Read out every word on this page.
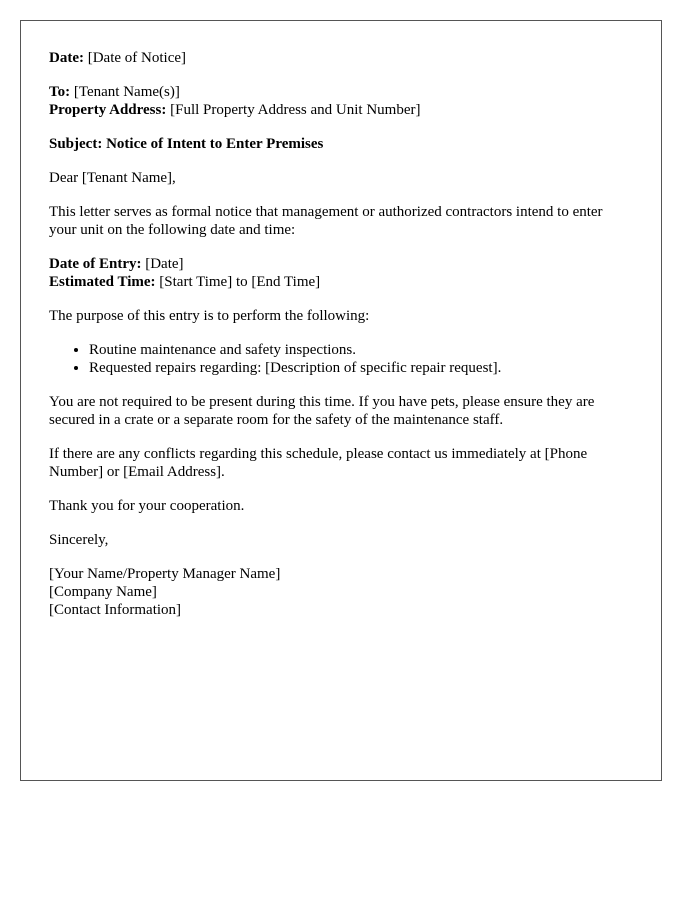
Date: [Date of Notice]

To: [Tenant Name(s)]
Property Address: [Full Property Address and Unit Number]

Subject: Notice of Intent to Enter Premises

Dear [Tenant Name],

This letter serves as formal notice that management or authorized contractors intend to enter your unit on the following date and time:

Date of Entry: [Date]
Estimated Time: [Start Time] to [End Time]

The purpose of this entry is to perform the following:

• Routine maintenance and safety inspections.
• Requested repairs regarding: [Description of specific repair request].

You are not required to be present during this time. If you have pets, please ensure they are secured in a crate or a separate room for the safety of the maintenance staff.

If there are any conflicts regarding this schedule, please contact us immediately at [Phone Number] or [Email Address].

Thank you for your cooperation.

Sincerely,

[Your Name/Property Manager Name]
[Company Name]
[Contact Information]
